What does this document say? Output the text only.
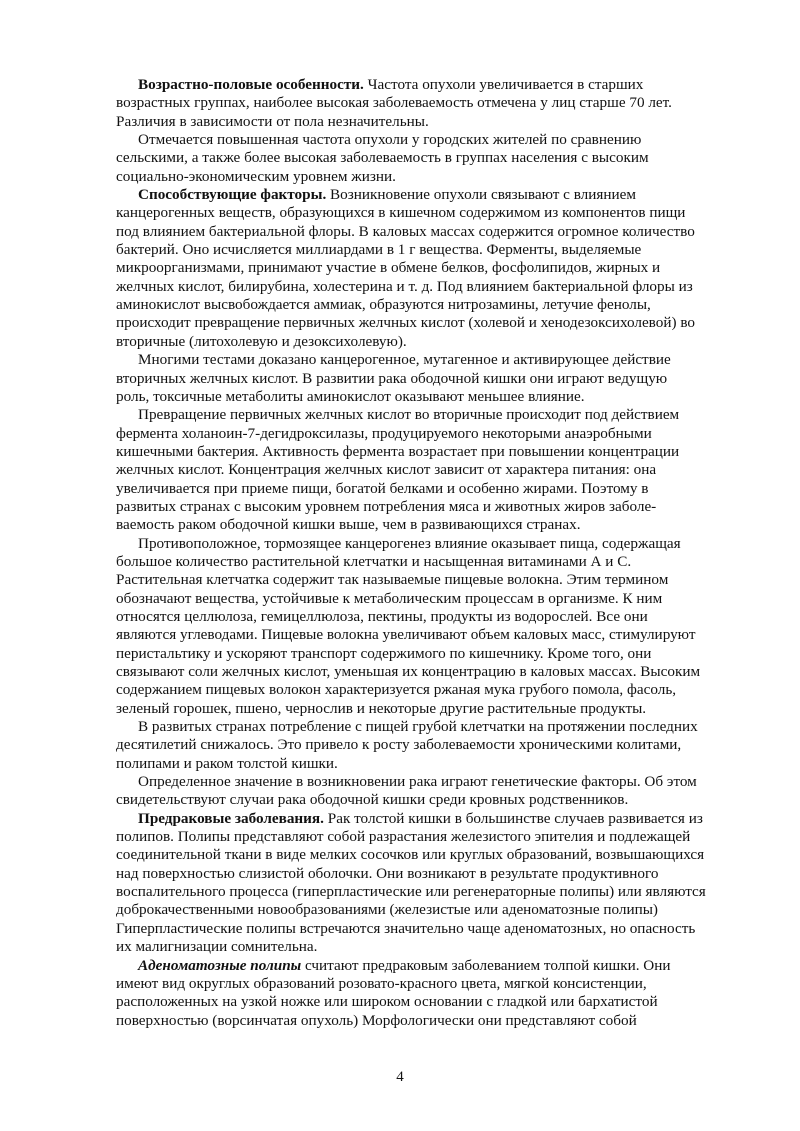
Возрастно-половые особенности. Частота опухоли увеличивается в старших
возрастных группах, наиболее высокая заболеваемость отмечена у лиц старше 70 лет.
Различия в зависимости от пола незначительны.

Отмечается повышенная частота опухоли у городских жителей по сравнению
сельскими, а также более высокая заболеваемость в группах населения с высоким
социально-экономическим уровнем жизни.

Способствующие факторы. Возникновение опухоли связывают с влиянием
канцерогенных веществ, образующихся в кишечном содержимом из компонентов пищи
под влиянием бактериальной флоры. В каловых массах содержится огромное количество
бактерий. Оно исчисляется миллиардами в 1 г вещества. Ферменты, выделяемые
микроорганизмами, принимают участие в обмене белков, фосфолипидов, жирных и
желчных кислот, билирубина, холестерина и т. д. Под влиянием бактериальной флоры из
аминокислот высвобождается аммиак, образуются нитрозамины, летучие фенолы,
происходит превращение первичных желчных кислот (холевой и хенодезоксихолевой) во
вторичные (литохолевую и дезоксихолевую).

Многими тестами доказано канцерогенное, мутагенное и активирующее действие
вторичных желчных кислот. В развитии рака ободочной кишки они играют ведущую
роль, токсичные метаболиты аминокислот оказывают меньшее влияние.

Превращение первичных желчных кислот во вторичные происходит под действием
фермента холаноин-7-дегидроксилазы, продуцируемого некоторыми анаэробными
кишечными бактерия. Активность фермента возрастает при повышении концентрации
желчных кислот. Концентрация желчных кислот зависит от характера питания: она
увеличивается при приеме пищи, богатой белками и особенно жирами. Поэтому в
развитых странах с высоким уровнем потребления мяса и животных жиров заболе-
ваемость раком ободочной кишки выше, чем в развивающихся странах.

Противоположное, тормозящее канцерогенез влияние оказывает пища, содержащая
большое количество растительной клетчатки и насыщенная витаминами А и С.
Растительная клетчатка содержит так называемые пищевые волокна. Этим термином
обозначают вещества, устойчивые к метаболическим процессам в организме. К ним
относятся целлюлоза, гемицеллюлоза, пектины, продукты из водорослей. Все они
являются углеводами. Пищевые волокна увеличивают объем каловых масс, стимулируют
перистальтику и ускоряют транспорт содержимого по кишечнику. Кроме того, они
связывают соли желчных кислот, уменьшая их концентрацию в каловых массах. Высоким
содержанием пищевых волокон характеризуется ржаная мука грубого помола, фасоль,
зеленый горошек, пшено, чернослив и некоторые другие растительные продукты.

В развитых странах потребление с пищей грубой клетчатки на протяжении последних
десятилетий снижалось. Это привело к росту заболеваемости хроническими колитами,
полипами и раком толстой кишки.

Определенное значение в возникновении рака играют генетические факторы. Об этом
свидетельствуют случаи рака ободочной кишки среди кровных родственников.

Предраковые заболевания. Рак толстой кишки в большинстве случаев развивается из
полипов. Полипы представляют собой разрастания железистого эпителия и подлежащей
соединительной ткани в виде мелких сосочков или круглых образований, возвышающихся
над поверхностью слизистой оболочки. Они возникают в результате продуктивного
воспалительного процесса (гиперпластические или регенераторные полипы) или являются
доброкачественными новообразованиями (железистые или аденоматозные полипы)
Гиперпластические полипы встречаются значительно чаще аденоматозных, но опасность
их малигнизации сомнительна.

Аденоматозные полипы считают предраковым заболеванием толпой кишки. Они
имеют вид округлых образований розовато-красного цвета, мягкой консистенции,
расположенных на узкой ножке или широком основании с гладкой или бархатистой
поверхностью (ворсинчатая опухоль) Морфологически они представляют собой

4
